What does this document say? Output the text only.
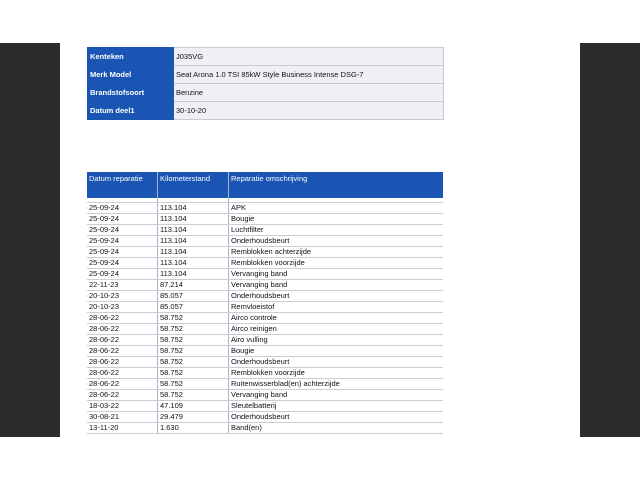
Kenteken	J035VG
Merk Model	Seat Arona 1.0 TSI 85kW Style Business Intense DSG-7
Brandstofsoort	Benzine
Datum deel1	30-10-20
Datum reparatie	Kilometerstand	Reparatie omschrijving

25-09-24	113.104	APK
25-09-24	113.104	Bougie
25-09-24	113.104	Luchtfilter
25-09-24	113.104	Onderhoudsbeurt
25-09-24	113.104	Remblokken achterzijde
25-09-24	113.104	Remblokken voorzijde
25-09-24	113.104	Vervanging band
22-11-23	87.214	Vervanging band
20-10-23	85.057	Onderhoudsbeurt
20-10-23	85.057	Remvloeistof
28-06-22	58.752	Airco controle
28-06-22	58.752	Airco reinigen
28-06-22	58.752	Airo vulling
28-06-22	58.752	Bougie
28-06-22	58.752	Onderhoudsbeurt
28-06-22	58.752	Remblokken voorzijde
28-06-22	58.752	Ruitenwisserblad(en) achterzijde
28-06-22	58.752	Vervanging band
18-03-22	47.109	Sleutelbatterij
30-08-21	29.479	Onderhoudsbeurt
13-11-20	1.630	Band(en)
